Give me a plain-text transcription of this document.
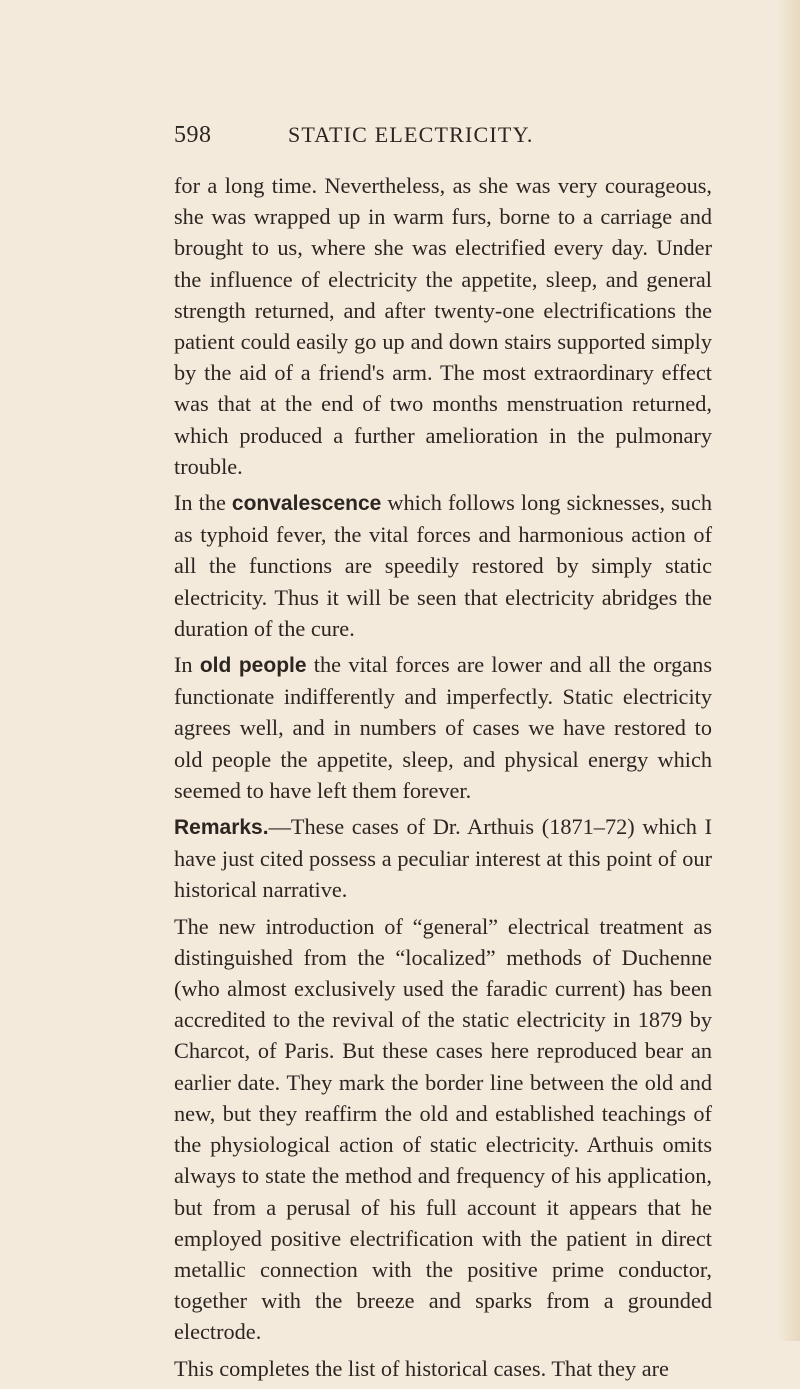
598	STATIC ELECTRICITY.

for a long time. Nevertheless, as she was very courageous, she was wrapped up in warm furs, borne to a carriage and brought to us, where she was electrified every day. Under the influence of electricity the appetite, sleep, and general strength returned, and after twenty-one electrifications the patient could easily go up and down stairs supported simply by the aid of a friend's arm. The most extraordinary effect was that at the end of two months menstruation returned, which produced a further amelioration in the pulmonary trouble.

In the convalescence which follows long sicknesses, such as typhoid fever, the vital forces and harmonious action of all the functions are speedily restored by simply static electricity. Thus it will be seen that electricity abridges the duration of the cure.

In old people the vital forces are lower and all the organs functionate indifferently and imperfectly. Static electricity agrees well, and in numbers of cases we have restored to old people the appetite, sleep, and physical energy which seemed to have left them forever.

Remarks.—These cases of Dr. Arthuis (1871–72) which I have just cited possess a peculiar interest at this point of our historical narrative.

The new introduction of “general” electrical treatment as distinguished from the “localized” methods of Duchenne (who almost exclusively used the faradic current) has been accredited to the revival of the static electricity in 1879 by Charcot, of Paris. But these cases here reproduced bear an earlier date. They mark the border line between the old and new, but they reaffirm the old and established teachings of the physiological action of static electricity. Arthuis omits always to state the method and frequency of his application, but from a perusal of his full account it appears that he employed positive electrification with the patient in direct metallic connection with the positive prime conductor, together with the breeze and sparks from a grounded electrode.

This completes the list of historical cases. That they are
